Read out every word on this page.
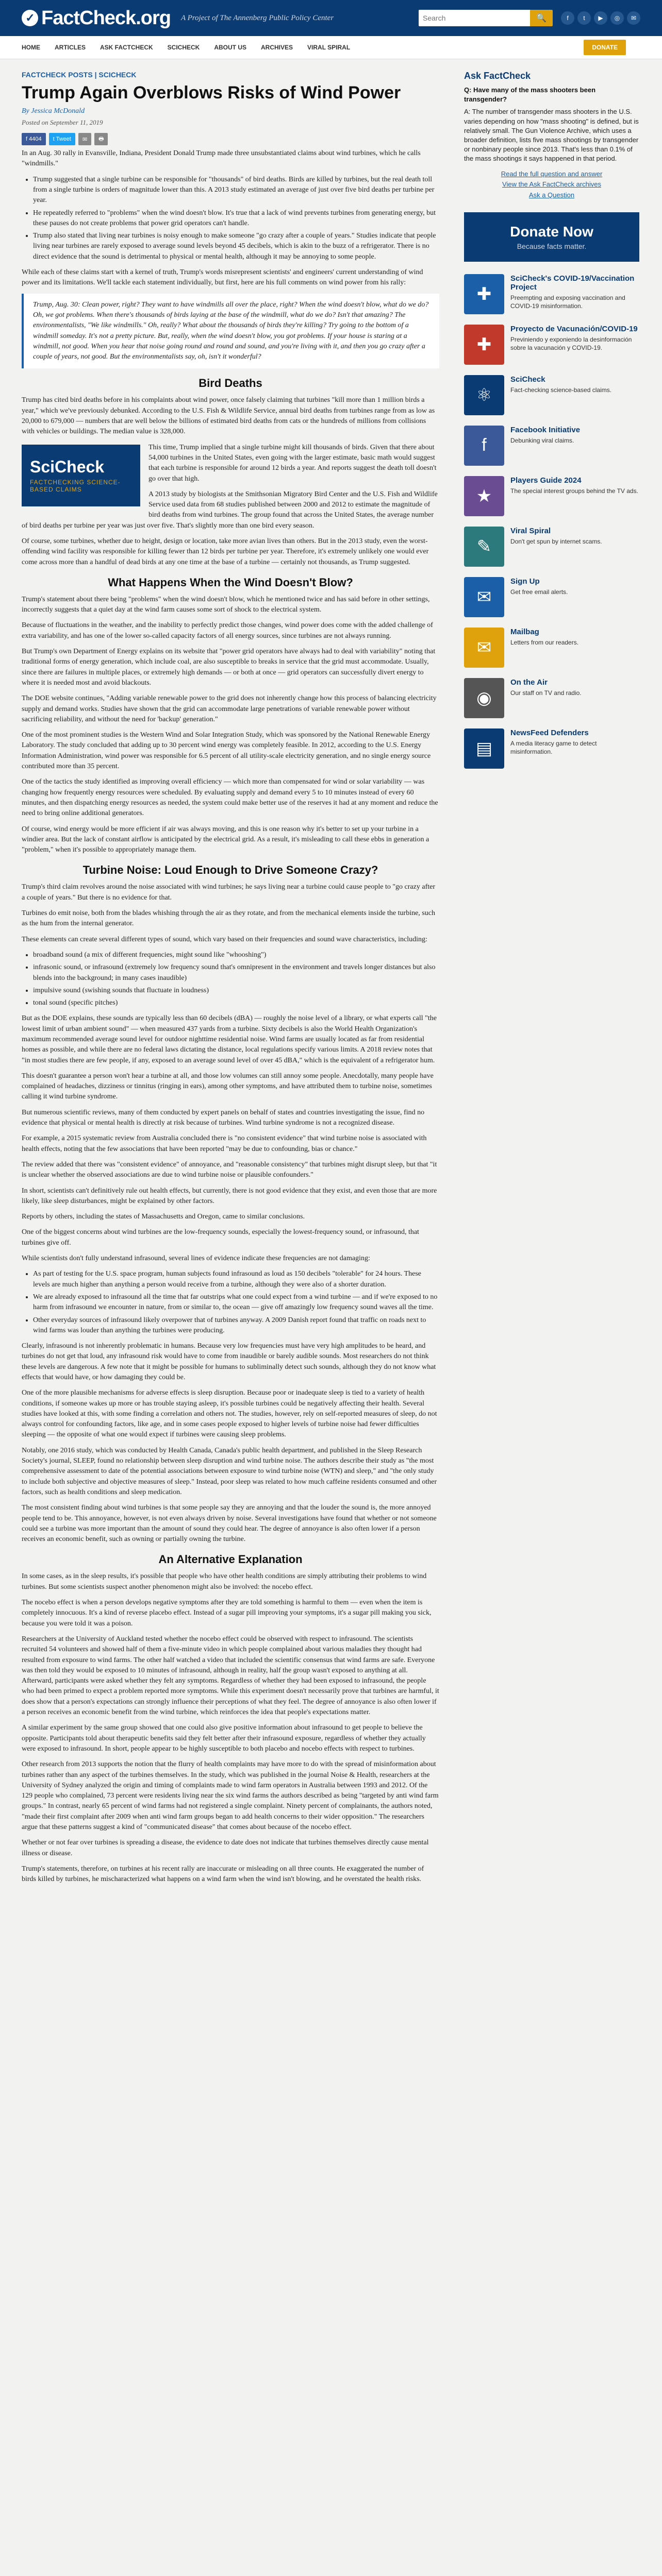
✓ FactCheck.org A Project of The Annenberg Public Policy Center
Search	🔍	f	t	▶	◎	✉
HOME ARTICLES ASK FACTCHECK SCICHECK ABOUT US ARCHIVES VIRAL SPIRAL	DONATE
FACTCHECK POSTS | SCICHECK
Trump Again Overblows Risks of Wind Power
By Jessica McDonald
Posted on September 11, 2019
f 4404	t Tweet	✉	🖶

In an Aug. 30 rally in Evansville, Indiana, President Donald Trump made three unsubstantiated claims about wind turbines, which he calls "windmills."

• Trump suggested that a single turbine can be responsible for "thousands" of bird deaths. Birds are killed by turbines, but the real death toll from a single turbine is orders of magnitude lower than this. A 2013 study estimated an average of just over five bird deaths per turbine per year.
• He repeatedly referred to "problems" when the wind doesn't blow. It's true that a lack of wind prevents turbines from generating energy, but these pauses do not create problems that power grid operators can't handle.
• Trump also stated that living near turbines is noisy enough to make someone "go crazy after a couple of years." Studies indicate that people living near turbines are rarely exposed to average sound levels beyond 45 decibels, which is akin to the buzz of a refrigerator. There is no direct evidence that the sound is detrimental to physical or mental health, although it may be annoying to some people.

While each of these claims start with a kernel of truth, Trump's words misrepresent scientists' and engineers' current understanding of wind power and its limitations. We'll tackle each statement individually, but first, here are his full comments on wind power from his rally:

Trump, Aug. 30: Clean power, right? They want to have windmills all over the place, right? When the wind doesn't blow, what do we do? Oh, we got problems. When there's thousands of birds laying at the base of the windmill, what do we do? Isn't that amazing? The environmentalists, "We like windmills." Oh, really? What about the thousands of birds they're killing? Try going to the bottom of a windmill someday. It's not a pretty picture. But, really, when the wind doesn't blow, you got problems. If your house is staring at a windmill, not good. When you hear that noise going round and round and sound, and you're living with it, and then you go crazy after a couple of years, not good. But the environmentalists say, oh, isn't it wonderful?
Bird Deaths

Trump has cited bird deaths before in his complaints about wind power, once falsely claiming that turbines "kill more than 1 million birds a year," which we've previously debunked. According to the U.S. Fish & Wildlife Service, annual bird deaths from turbines range from as low as 20,000 to 679,000 — numbers that are well below the billions of estimated bird deaths from cats or the hundreds of millions from collisions with vehicles or buildings. The median value is 328,000.

SciCheck
FACTCHECKING SCIENCE-BASED CLAIMS

This time, Trump implied that a single turbine might kill thousands of birds. Given that there about 54,000 turbines in the United States, even going with the larger estimate, basic math would suggest that each turbine is responsible for around 12 birds a year. And reports suggest the death toll doesn't go over that high.

A 2013 study by biologists at the Smithsonian Migratory Bird Center and the U.S. Fish and Wildlife Service used data from 68 studies published between 2000 and 2012 to estimate the magnitude of bird deaths from wind turbines. The group found that across the United States, the average number of bird deaths per turbine per year was just over five. That's slightly more than one bird every season.

Of course, some turbines, whether due to height, design or location, take more avian lives than others. But in the 2013 study, even the worst-offending wind facility was responsible for killing fewer than 12 birds per turbine per year. Therefore, it's extremely unlikely one would ever come across more than a handful of dead birds at any one time at the base of a turbine — certainly not thousands, as Trump suggested.

What Happens When the Wind Doesn't Blow?

Trump's statement about there being "problems" when the wind doesn't blow, which he mentioned twice and has said before in other settings, incorrectly suggests that a quiet day at the wind farm causes some sort of shock to the electrical system.

Because of fluctuations in the weather, and the inability to perfectly predict those changes, wind power does come with the added challenge of extra variability, and has one of the lower so-called capacity factors of all energy sources, since turbines are not always running.

But Trump's own Department of Energy explains on its website that "power grid operators have always had to deal with variability" noting that traditional forms of energy generation, which include coal, are also susceptible to breaks in service that the grid must accommodate. Usually, since there are failures in multiple places, or extremely high demands — or both at once — grid operators can successfully divert energy to where it is needed most and avoid blackouts.

The DOE website continues, "Adding variable renewable power to the grid does not inherently change how this process of balancing electricity supply and demand works. Studies have shown that the grid can accommodate large penetrations of variable renewable power without sacrificing reliability, and without the need for 'backup' generation."

One of the most prominent studies is the Western Wind and Solar Integration Study, which was sponsored by the National Renewable Energy Laboratory. The study concluded that adding up to 30 percent wind energy was completely feasible. In 2012, according to the U.S. Energy Information Administration, wind power was responsible for 6.5 percent of all utility-scale electricity generation, and no single energy source contributed more than 35 percent.

One of the tactics the study identified as improving overall efficiency — which more than compensated for wind or solar variability — was changing how frequently energy resources were scheduled. By evaluating supply and demand every 5 to 10 minutes instead of every 60 minutes, and then dispatching energy resources as needed, the system could make better use of the reserves it had at any moment and reduce the need to bring online additional generators.

Of course, wind energy would be more efficient if air was always moving, and this is one reason why it's better to set up your turbine in a windier area. But the lack of constant airflow is anticipated by the electrical grid. As a result, it's misleading to call these ebbs in generation a "problem," when it's possible to appropriately manage them.

Turbine Noise: Loud Enough to Drive Someone Crazy?

Trump's third claim revolves around the noise associated with wind turbines; he says living near a turbine could cause people to "go crazy after a couple of years." But there is no evidence for that.

Turbines do emit noise, both from the blades whishing through the air as they rotate, and from the mechanical elements inside the turbine, such as the hum from the internal generator.

These elements can create several different types of sound, which vary based on their frequencies and sound wave characteristics, including:

• broadband sound (a mix of different frequencies, might sound like "whooshing")
• infrasonic sound, or infrasound (extremely low frequency sound that's omnipresent in the environment and travels longer distances but also blends into the background; in many cases inaudible)
• impulsive sound (swishing sounds that fluctuate in loudness)
• tonal sound (specific pitches)

But as the DOE explains, these sounds are typically less than 60 decibels (dBA) — roughly the noise level of a library, or what experts call "the lowest limit of urban ambient sound" — when measured 437 yards from a turbine. Sixty decibels is also the World Health Organization's maximum recommended average sound level for outdoor nighttime residential noise. Wind farms are usually located as far from residential homes as possible, and while there are no federal laws dictating the distance, local regulations specify various limits. A 2018 review notes that "in most studies there are few people, if any, exposed to an average sound level of over 45 dBA," which is the equivalent of a refrigerator hum.

This doesn't guarantee a person won't hear a turbine at all, and those low volumes can still annoy some people. Anecdotally, many people have complained of headaches, dizziness or tinnitus (ringing in ears), among other symptoms, and have attributed them to turbine noise, sometimes calling it wind turbine syndrome.

But numerous scientific reviews, many of them conducted by expert panels on behalf of states and countries investigating the issue, find no evidence that physical or mental health is directly at risk because of turbines. Wind turbine syndrome is not a recognized disease.

For example, a 2015 systematic review from Australia concluded there is "no consistent evidence" that wind turbine noise is associated with health effects, noting that the few associations that have been reported "may be due to confounding, bias or chance."

The review added that there was "consistent evidence" of annoyance, and "reasonable consistency" that turbines might disrupt sleep, but that "it is unclear whether the observed associations are due to wind turbine noise or plausible confounders."

In short, scientists can't definitively rule out health effects, but currently, there is not good evidence that they exist, and even those that are more likely, like sleep disturbances, might be explained by other factors.

Reports by others, including the states of Massachusetts and Oregon, came to similar conclusions.

One of the biggest concerns about wind turbines are the low-frequency sounds, especially the lowest-frequency sound, or infrasound, that turbines give off.

While scientists don't fully understand infrasound, several lines of evidence indicate these frequencies are not damaging:

• As part of testing for the U.S. space program, human subjects found infrasound as loud as 150 decibels "tolerable" for 24 hours. These levels are much higher than anything a person would receive from a turbine, although they were also of a shorter duration.
• We are already exposed to infrasound all the time that far outstrips what one could expect from a wind turbine — and if we're exposed to no harm from infrasound we encounter in nature, from or similar to, the ocean — give off amazingly low frequency sound waves all the time.
• Other everyday sources of infrasound likely overpower that of turbines anyway. A 2009 Danish report found that traffic on roads next to wind farms was louder than anything the turbines were producing.

Clearly, infrasound is not inherently problematic in humans. Because very low frequencies must have very high amplitudes to be heard, and turbines do not get that loud, any infrasound risk would have to come from inaudible or barely audible sounds. Most researchers do not think these levels are dangerous. A few note that it might be possible for humans to subliminally detect such sounds, although they do not know what effects that would have, or how damaging they could be.

One of the more plausible mechanisms for adverse effects is sleep disruption. Because poor or inadequate sleep is tied to a variety of health conditions, if someone wakes up more or has trouble staying asleep, it's possible turbines could be negatively affecting their health. Several studies have looked at this, with some finding a correlation and others not. The studies, however, rely on self-reported measures of sleep, do not always control for confounding factors, like age, and in some cases people exposed to higher levels of turbine noise had fewer difficulties sleeping — the opposite of what one would expect if turbines were causing sleep problems.

Notably, one 2016 study, which was conducted by Health Canada, Canada's public health department, and published in the Sleep Research Society's journal, SLEEP, found no relationship between sleep disruption and wind turbine noise. The authors describe their study as "the most comprehensive assessment to date of the potential associations between exposure to wind turbine noise (WTN) and sleep," and "the only study to include both subjective and objective measures of sleep." Instead, poor sleep was related to how much caffeine residents consumed and other factors, such as health conditions and sleep medication.

The most consistent finding about wind turbines is that some people say they are annoying and that the louder the sound is, the more annoyed people tend to be. This annoyance, however, is not even always driven by noise. Several investigations have found that whether or not someone could see a turbine was more important than the amount of sound they could hear. The degree of annoyance is also often lower if a person receives an economic benefit, such as owning or partially owning the turbine.

An Alternative Explanation

In some cases, as in the sleep results, it's possible that people who have other health conditions are simply attributing their problems to wind turbines. But some scientists suspect another phenomenon might also be involved: the nocebo effect.

The nocebo effect is when a person develops negative symptoms after they are told something is harmful to them — even when the item is completely innocuous. It's a kind of reverse placebo effect. Instead of a sugar pill improving your symptoms, it's a sugar pill making you sick, because you were told it was a poison.

Researchers at the University of Auckland tested whether the nocebo effect could be observed with respect to infrasound. The scientists recruited 54 volunteers and showed half of them a five-minute video in which people complained about various maladies they thought had resulted from exposure to wind farms. The other half watched a video that included the scientific consensus that wind farms are safe. Everyone was then told they would be exposed to 10 minutes of infrasound, although in reality, half the group wasn't exposed to anything at all. Afterward, participants were asked whether they felt any symptoms. Regardless of whether they had been exposed to infrasound, the people who had been primed to expect a problem reported more symptoms. While this experiment doesn't necessarily prove that turbines are harmful, it does show that a person's expectations can strongly influence their perceptions of what they feel. The degree of annoyance is also often lower if a person receives an economic benefit from the wind turbine, which reinforces the idea that people's expectations matter.

A similar experiment by the same group showed that one could also give positive information about infrasound to get people to believe the opposite. Participants told about therapeutic benefits said they felt better after their infrasound exposure, regardless of whether they actually were exposed to infrasound. In short, people appear to be highly susceptible to both placebo and nocebo effects with respect to turbines.

Other research from 2013 supports the notion that the flurry of health complaints may have more to do with the spread of misinformation about turbines rather than any aspect of the turbines themselves. In the study, which was published in the journal Noise & Health, researchers at the University of Sydney analyzed the origin and timing of complaints made to wind farm operators in Australia between 1993 and 2012. Of the 129 people who complained, 73 percent were residents living near the six wind farms the authors described as being "targeted by anti wind farm groups." In contrast, nearly 65 percent of wind farms had not registered a single complaint. Ninety percent of complainants, the authors noted, "made their first complaint after 2009 when anti wind farm groups began to add health concerns to their wider opposition." The researchers argue that these patterns suggest a kind of "communicated disease" that comes about because of the nocebo effect.

Whether or not fear over turbines is spreading a disease, the evidence to date does not indicate that turbines themselves directly cause mental illness or disease.

Trump's statements, therefore, on turbines at his recent rally are inaccurate or misleading on all three counts. He exaggerated the number of birds killed by turbines, he mischaracterized what happens on a wind farm when the wind isn't blowing, and he overstated the health risks.

Ask FactCheck
Q: Have many of the mass shooters been transgender?
A: The number of transgender mass shooters in the U.S. varies depending on how "mass shooting" is defined, but is relatively small. The Gun Violence Archive, which uses a broader definition, lists five mass shootings by transgender or nonbinary people since 2013. That's less than 0.1% of the mass shootings it says happened in that period.
Read the full question and answer
View the Ask FactCheck archives
Ask a Question
Donate Now
Because facts matter.
✚
SciCheck's COVID-19/Vaccination Project
Preempting and exposing vaccination and COVID-19 misinformation.
✚
Proyecto de Vacunación/COVID-19
Previniendo y exponiendo la desinformación sobre la vacunación y COVID-19.
⚛
SciCheck
Fact-checking science-based claims.
f
Facebook Initiative
Debunking viral claims.
★
Players Guide 2024
The special interest groups behind the TV ads.
✎
Viral Spiral
Don't get spun by internet scams.
✉
Sign Up
Get free email alerts.
✉
Mailbag
Letters from our readers.
◉
On the Air
Our staff on TV and radio.
▤
NewsFeed Defenders
A media literacy game to detect misinformation.
